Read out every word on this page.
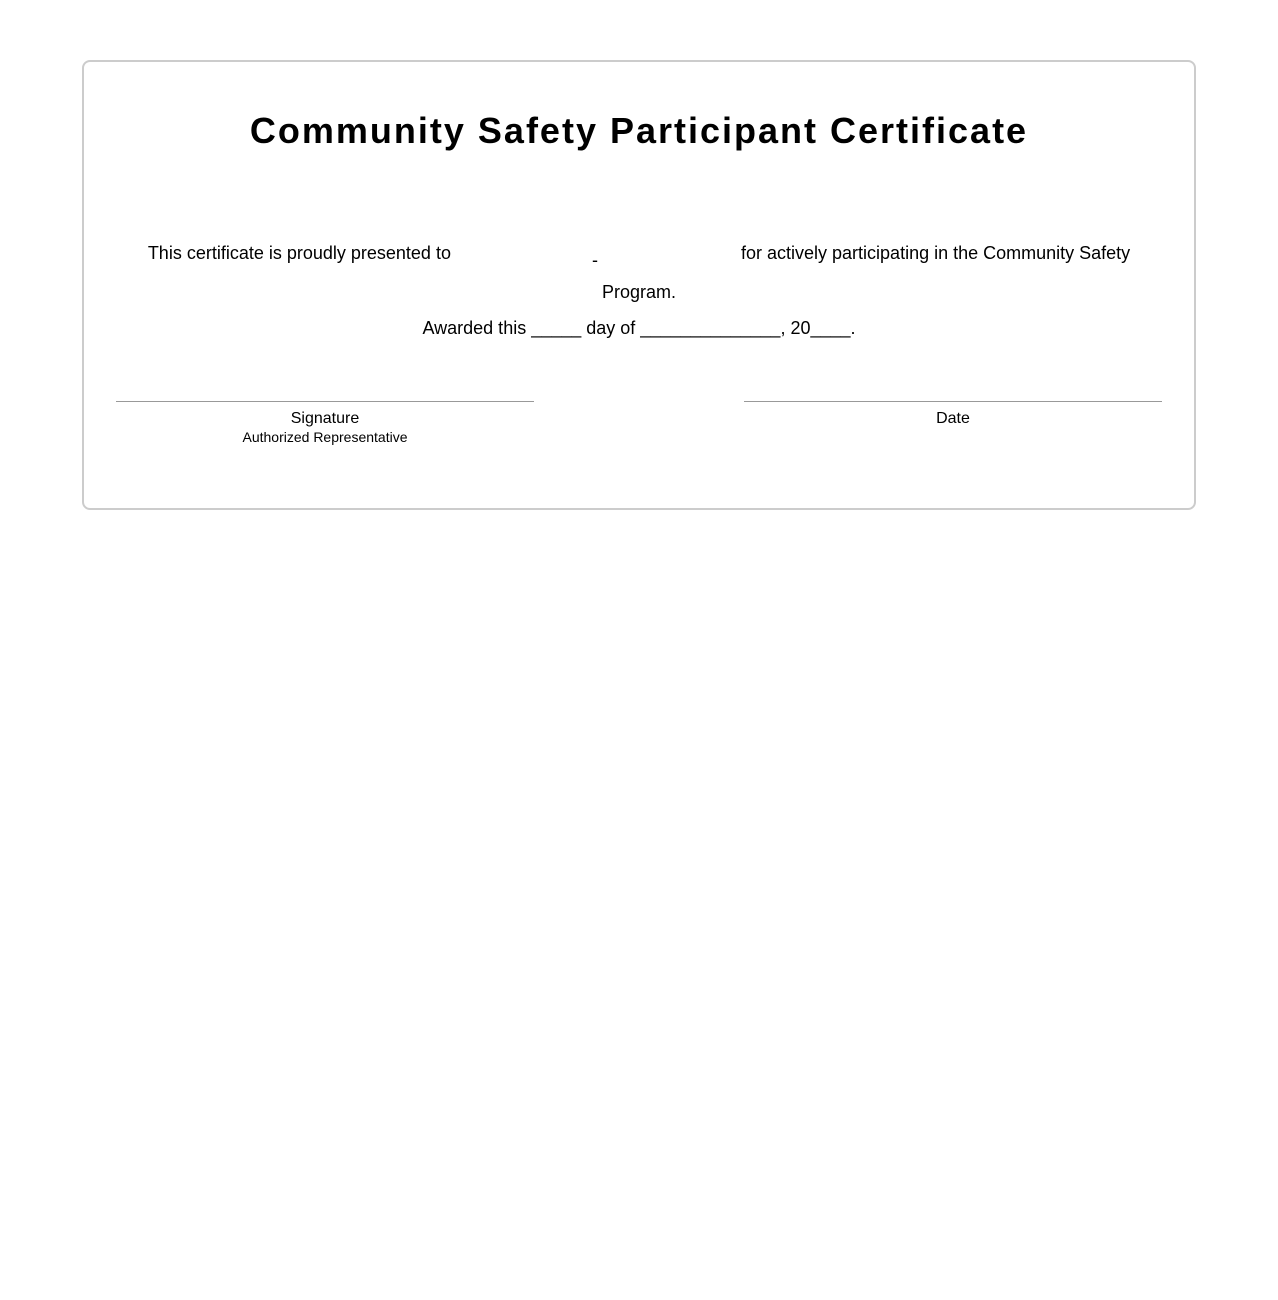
Community Safety Participant Certificate
This certificate is proudly presented to	-	for actively participating in the Community Safety Program.
Awarded this _____ day of ______________, 20____.
Signature
Authorized Representative
Date
